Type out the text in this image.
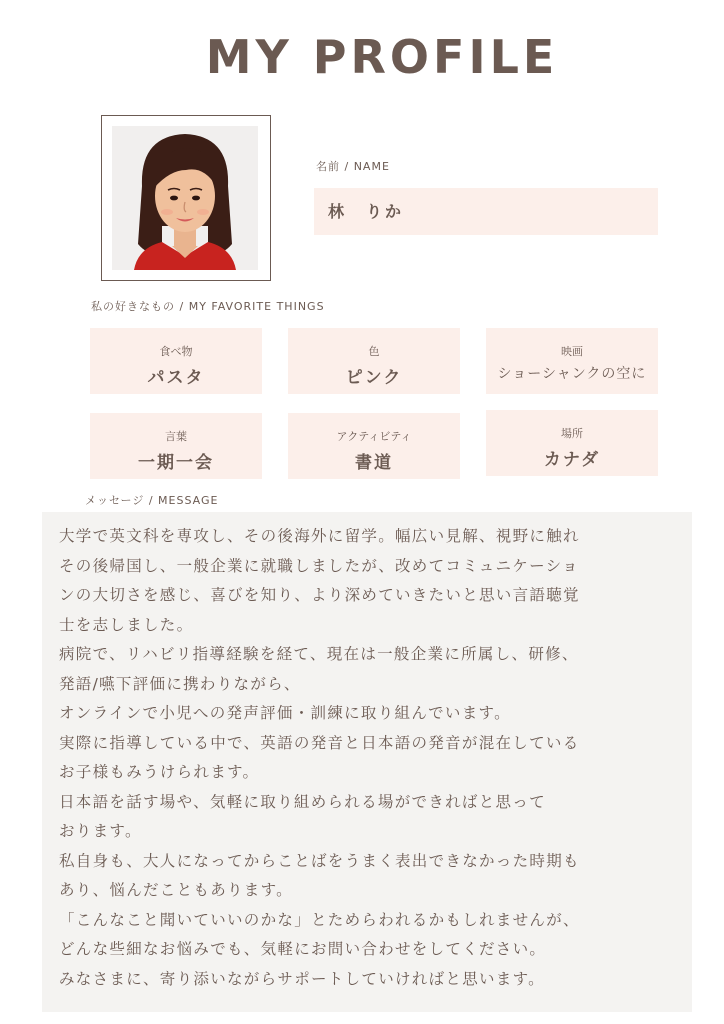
MY PROFILE
名前 / NAME
林　りか
私の好きなもの / MY FAVORITE THINGS
食べ物
パスタ
色
ピンク
映画
ショーシャンクの空に
言葉
一期一会
アクティビティ
書道
場所
カナダ
メッセージ / MESSAGE
大学で英文科を専攻し、その後海外に留学。幅広い見解、視野に触れ
その後帰国し、一般企業に就職しましたが、改めてコミュニケーショ
ンの大切さを感じ、喜びを知り、より深めていきたいと思い言語聴覚
士を志しました。
病院で、リハビリ指導経験を経て、現在は一般企業に所属し、研修、
発語/嚥下評価に携わりながら、
オンラインで小児への発声評価・訓練に取り組んでいます。
実際に指導している中で、英語の発音と日本語の発音が混在している
お子様もみうけられます。
日本語を話す場や、気軽に取り組められる場ができればと思って
おります。
私自身も、大人になってからことばをうまく表出できなかった時期も
あり、悩んだこともあります。
「こんなこと聞いていいのかな」とためらわれるかもしれませんが、
どんな些細なお悩みでも、気軽にお問い合わせをしてください。
みなさまに、寄り添いながらサポートしていければと思います。
